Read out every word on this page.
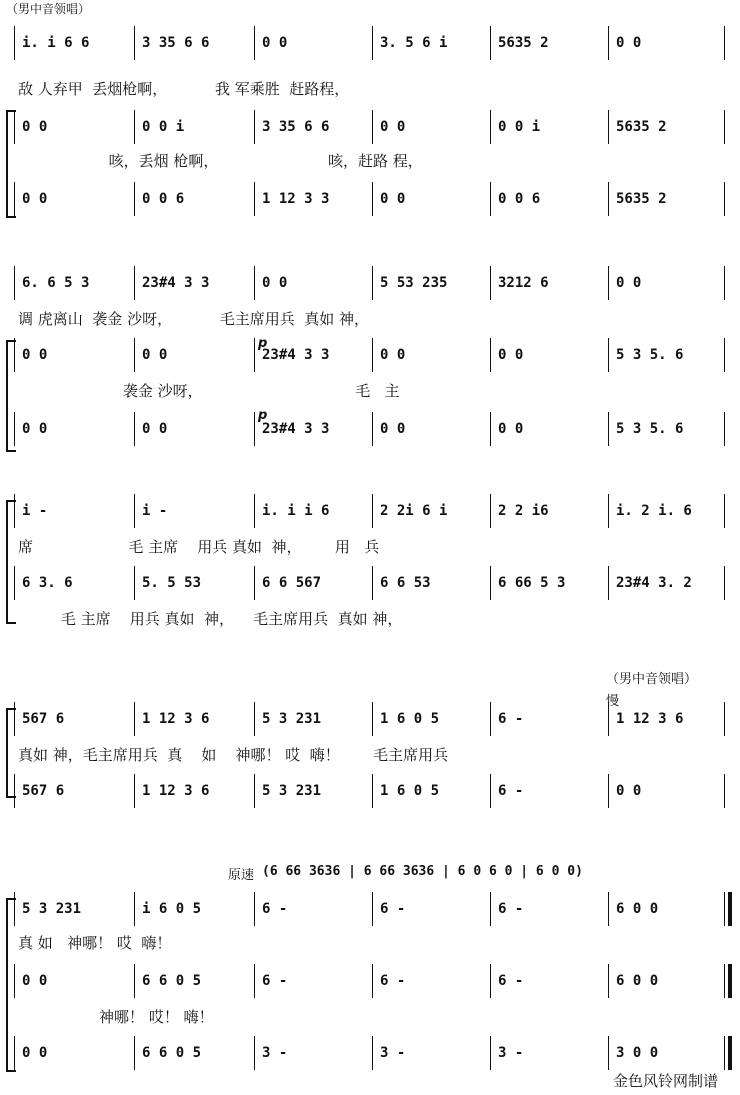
（男中音领唱）
i. i 6 6	3 35 6 6	0 0	3. 5 6 i	5635 2	0 0
敌 人弃甲  丢烟枪啊，          我 军乘胜  赶路程，
0 0	0 0 i	3 35 6 6	0 0	0 0 i	5635 2
咳，丢烟 枪啊，                       咳，赶路 程，
0 0	0 0 6	1 12 3 3	0 0	0 0 6	5635 2
6. 6 5 3	23#4 3 3	0 0	5 53 235	3212 6	0 0
调 虎离山  袭金 沙呀，          毛主席用兵  真如 神，
0 0	0 0	23#4 3 3	0 0	0 0	5 3 5. 6
袭金 沙呀，                                毛   主
0 0	0 0	23#4 3 3	0 0	0 0	5 3 5. 6
i -	i -	i. i i 6	2 2i 6 i	2 2 i6	i. 2 i. 6
席                    毛 主席    用兵 真如  神，       用   兵
6 3. 6	5. 5 53	6 6 567	6 6 53	6 66 5 3	23#4 3. 2
毛 主席    用兵 真如  神，    毛主席用兵  真如 神，
567 6	1 12 3 6	5 3 231	1 6 0 5	6 -	1 12 3 6
真如 神，毛主席用兵  真    如    神哪！ 哎  嗨！       毛主席用兵
567 6	1 12 3 6	5 3 231	1 6 0 5	6 -	0 0
5 3 231	i 6 0 5	6 -	6 -	6 -	6 0 0
真 如   神哪！ 哎  嗨！
0 0	6 6 0 5	6 -	6 -	6 -	6 0 0
神哪！ 哎！ 嗨！
0 0	6 6 0 5	3 -	3 -	3 -	3 0 0
慢
（男中音领唱）
原速 (6 66 3636 | 6 66 3636 | 6 0 6 0 | 6 0 0)
p
p
金色风铃网制谱
